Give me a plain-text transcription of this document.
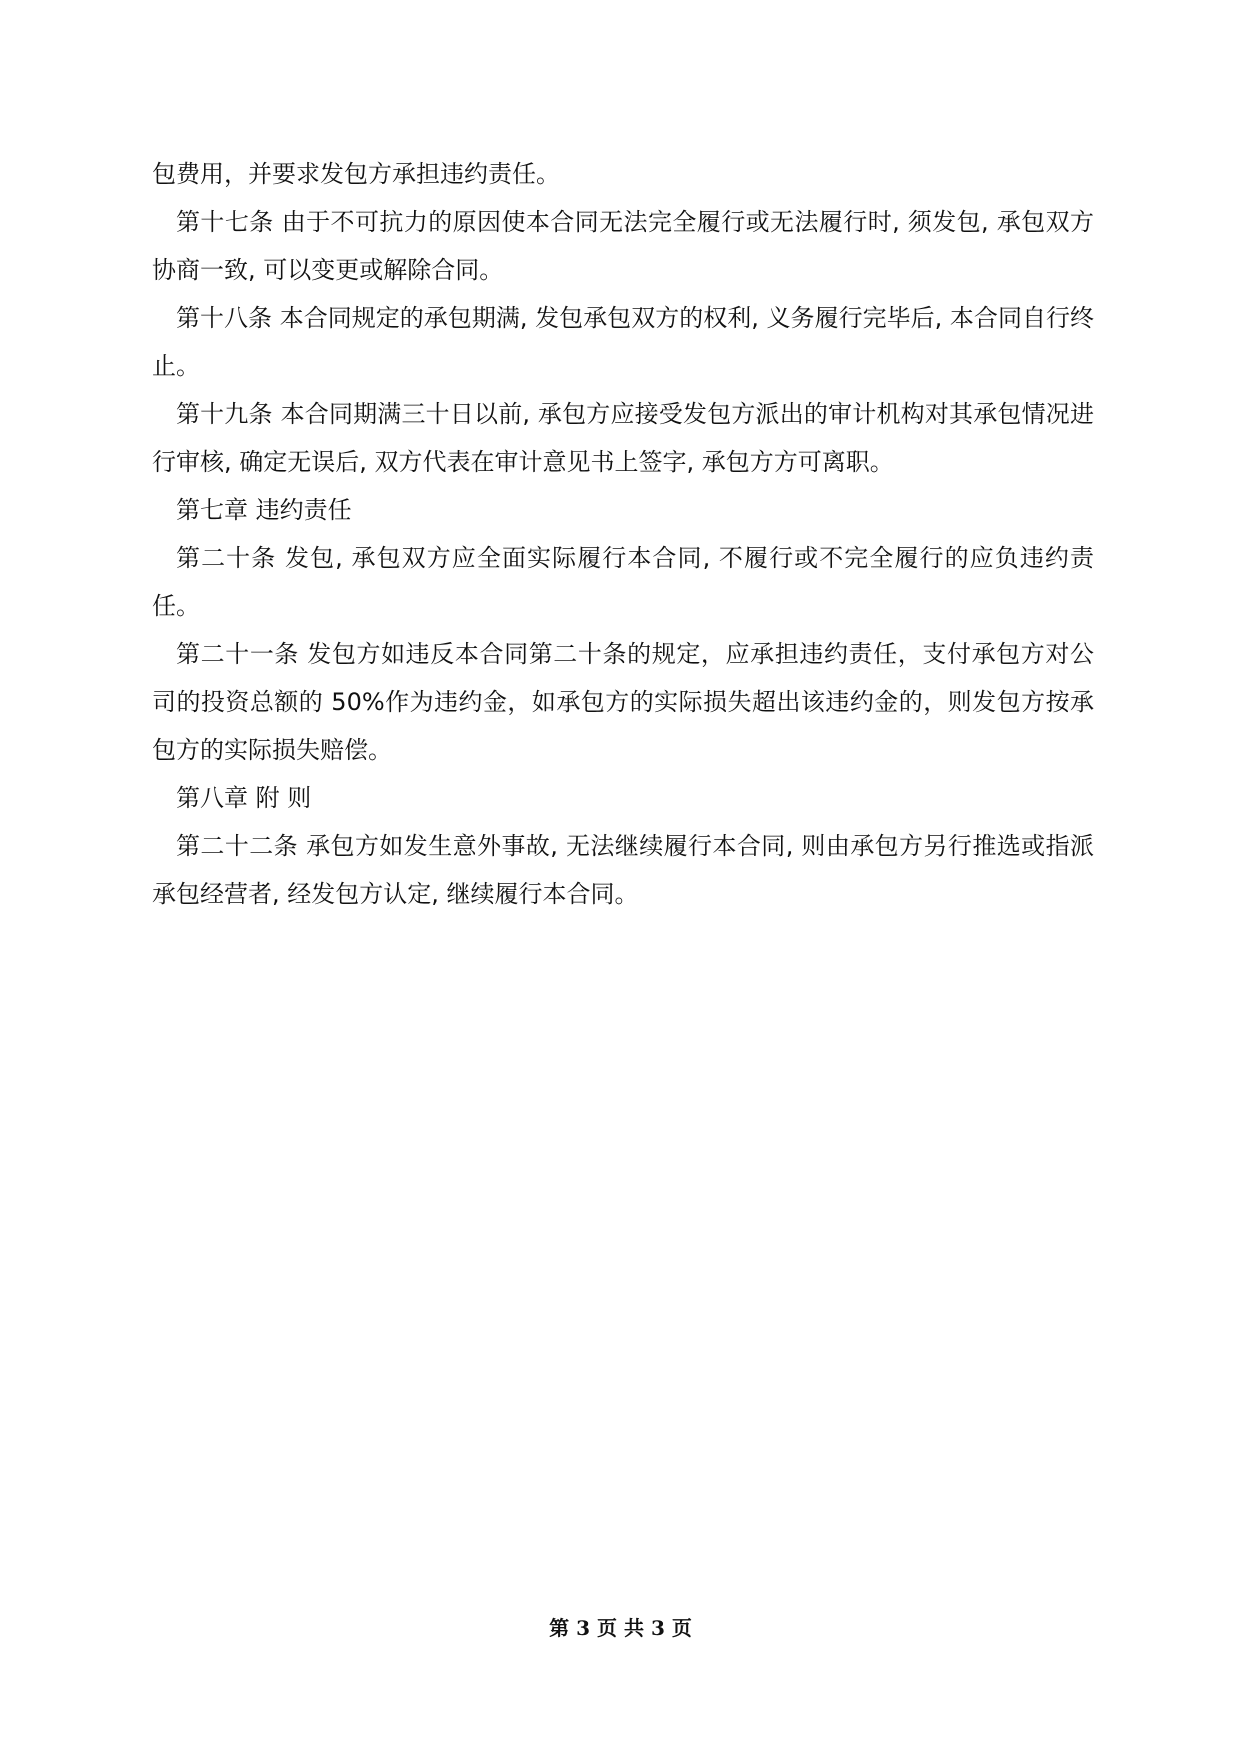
包费用，并要求发包方承担违约责任。

第十七条 由于不可抗力的原因使本合同无法完全履行或无法履行时, 须发包, 承包双方协商一致, 可以变更或解除合同。

第十八条 本合同规定的承包期满, 发包承包双方的权利, 义务履行完毕后, 本合同自行终止。

第十九条 本合同期满三十日以前, 承包方应接受发包方派出的审计机构对其承包情况进行审核, 确定无误后, 双方代表在审计意见书上签字, 承包方方可离职。

第七章 违约责任

第二十条 发包, 承包双方应全面实际履行本合同, 不履行或不完全履行的应负违约责任。

第二十一条 发包方如违反本合同第二十条的规定，应承担违约责任，支付承包方对公司的投资总额的 50%作为违约金，如承包方的实际损失超出该违约金的，则发包方按承包方的实际损失赔偿。

第八章 附 则

第二十二条 承包方如发生意外事故, 无法继续履行本合同, 则由承包方另行推选或指派承包经营者, 经发包方认定, 继续履行本合同。

第 3 页 共 3 页
